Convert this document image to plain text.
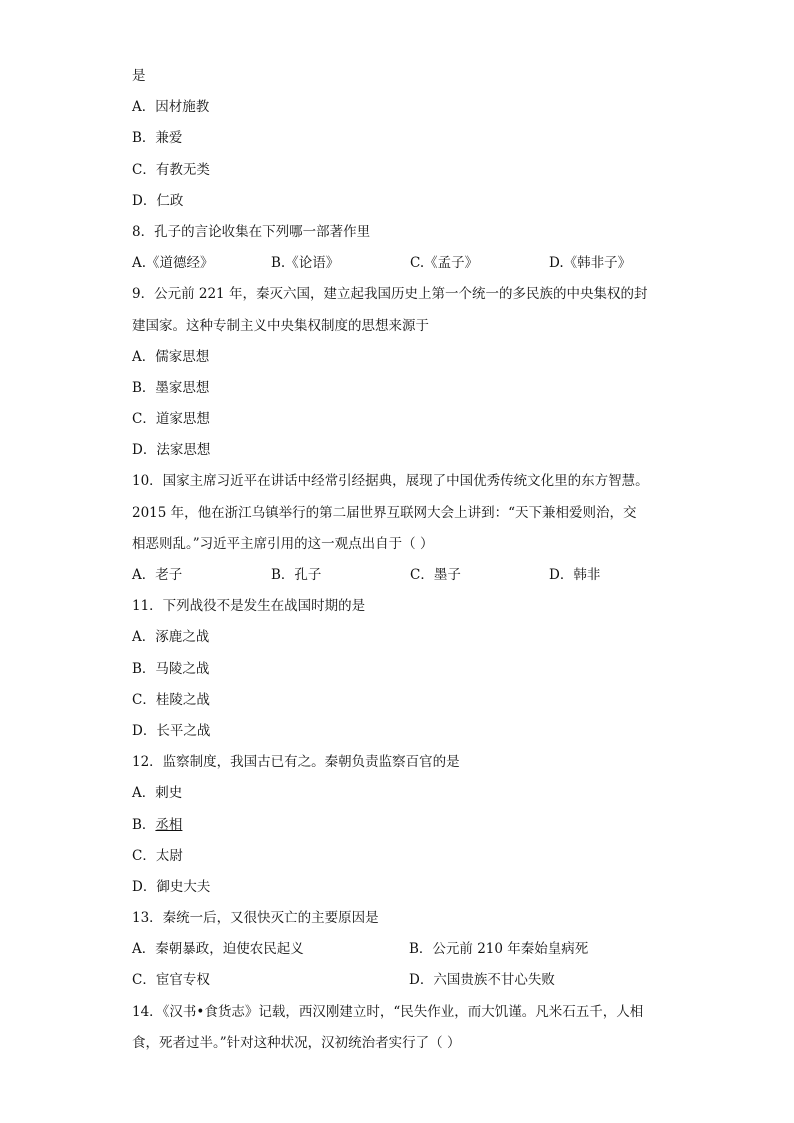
是
A．因材施教
B．兼爱
C．有教无类
D．仁政
8．孔子的言论收集在下列哪一部著作里
A.《道德经》	B.《论语》	C.《孟子》	D.《韩非子》
9．公元前 221 年，秦灭六国，建立起我国历史上第一个统一的多民族的中央集权的封
建国家。这种专制主义中央集权制度的思想来源于
A．儒家思想
B．墨家思想
C．道家思想
D．法家思想
10．国家主席习近平在讲话中经常引经据典，展现了中国优秀传统文化里的东方智慧。
2015 年，他在浙江乌镇举行的第二届世界互联网大会上讲到：“天下兼相爱则治，交
相恶则乱。”习近平主席引用的这一观点出自于（ ）
A．老子	B．孔子	C．墨子	D．韩非
11．下列战役不是发生在战国时期的是
A．涿鹿之战
B．马陵之战
C．桂陵之战
D．长平之战
12．监察制度，我国古已有之。秦朝负责监察百官的是
A．刺史
B．丞相
C．太尉
D．御史大夫
13．秦统一后，又很快灭亡的主要原因是
A．秦朝暴政，迫使农民起义	B．公元前 210 年秦始皇病死
C．宦官专权	D．六国贵族不甘心失败
14．《汉书•食货志》记载，西汉刚建立时，“民失作业，而大饥谨。凡米石五千，人相
食，死者过半。”针对这种状况，汉初统治者实行了（ ）
